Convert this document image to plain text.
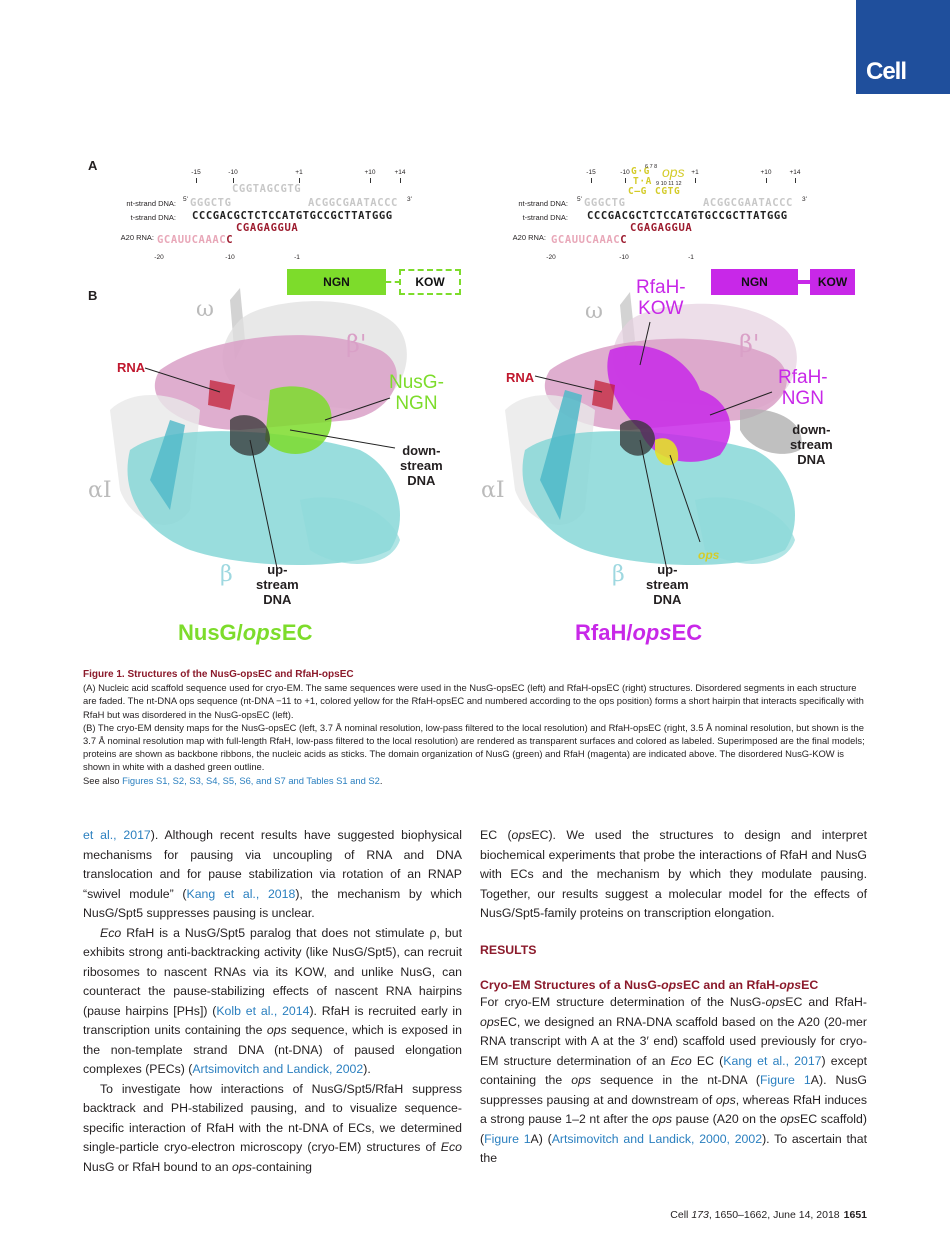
Cell
A
B
-15	-10	+1	+10	+14
CGGTAGCGTG
nt-strand DNA: 5' GGGCTG	ACGGCGAATACCC 3'
t-strand DNA: CCCGACGCTCTCCATGTGCCGCTTATGGG
A20 RNA: GCAUUCAAACC
CGAGAGGUA
-20	-10	-1
-15	-10	+1	+10	+14
ops
G·G
T·A
C–G CGTG
6 7 8
9 10 11 12
nt-strand DNA: 5' GGGCTG	ACGGCGAATACCC 3'
t-strand DNA: CCCGACGCTCTCCATGTGCCGCTTATGGG
A20 RNA: GCAUUCAAACC
CGAGAGGUA
-20	-10	-1
NGN	KOW	NGN	KOW
ω
β'
RNA
NusG-
NGN
down-
stream
DNA
αI
β	up-
stream
DNA
NusG/opsEC
ω
RfaH-
KOW
β'
RNA	RfaH-
NGN
down-
stream
DNA
αI
ops
β	up-
stream
DNA
RfaH/opsEC

Figure 1. Structures of the NusG-opsEC and RfaH-opsEC

(A) Nucleic acid scaffold sequence used for cryo-EM. The same sequences were used in the NusG-opsEC (left) and RfaH-opsEC (right) structures. Disordered segments in each structure are faded. The nt-DNA ops sequence (nt-DNA −11 to +1, colored yellow for the RfaH-opsEC and numbered according to the ops position) forms a short hairpin that interacts specifically with RfaH but was disordered in the NusG-opsEC (left).

(B) The cryo-EM density maps for the NusG-opsEC (left, 3.7 Å nominal resolution, low-pass filtered to the local resolution) and RfaH-opsEC (right, 3.5 Å nominal resolution, but shown is the 3.7 Å nominal resolution map with full-length RfaH, low-pass filtered to the local resolution) are rendered as transparent surfaces and colored as labeled. Superimposed are the final models; proteins are shown as backbone ribbons, the nucleic acids as sticks. The domain organization of NusG (green) and RfaH (magenta) are indicated above. The disordered NusG-KOW is shown in white with a dashed green outline.

See also Figures S1, S2, S3, S4, S5, S6, and S7 and Tables S1 and S2.

et al., 2017). Although recent results have suggested biophysical mechanisms for pausing via uncoupling of RNA and DNA translocation and for pause stabilization via rotation of an RNAP “swivel module” (Kang et al., 2018), the mechanism by which NusG/Spt5 suppresses pausing is unclear.

Eco RfaH is a NusG/Spt5 paralog that does not stimulate ρ, but exhibits strong anti-backtracking activity (like NusG/Spt5), can recruit ribosomes to nascent RNAs via its KOW, and unlike NusG, can counteract the pause-stabilizing effects of nascent RNA hairpins (pause hairpins [PHs]) (Kolb et al., 2014). RfaH is recruited early in transcription units containing the ops sequence, which is exposed in the non-template strand DNA (nt-DNA) of paused elongation complexes (PECs) (Artsimovitch and Landick, 2002).

To investigate how interactions of NusG/Spt5/RfaH suppress backtrack and PH-stabilized pausing, and to visualize sequence-specific interaction of RfaH with the nt-DNA of ECs, we determined single-particle cryo-electron microscopy (cryo-EM) structures of Eco NusG or RfaH bound to an ops-containing

EC (opsEC). We used the structures to design and interpret biochemical experiments that probe the interactions of RfaH and NusG with ECs and the mechanism by which they modulate pausing. Together, our results suggest a molecular model for the effects of NusG/Spt5-family proteins on transcription elongation.

RESULTS

Cryo-EM Structures of a NusG-opsEC and an RfaH-opsEC

For cryo-EM structure determination of the NusG-opsEC and RfaH-opsEC, we designed an RNA-DNA scaffold based on the A20 (20-mer RNA transcript with A at the 3′ end) scaffold used previously for cryo-EM structure determination of an Eco EC (Kang et al., 2017) except containing the ops sequence in the nt-DNA (Figure 1A). NusG suppresses pausing at and downstream of ops, whereas RfaH induces a strong pause 1–2 nt after the ops pause (A20 on the opsEC scaffold) (Figure 1A) (Artsimovitch and Landick, 2000, 2002). To ascertain that the

Cell 173, 1650–1662, June 14, 2018 1651
